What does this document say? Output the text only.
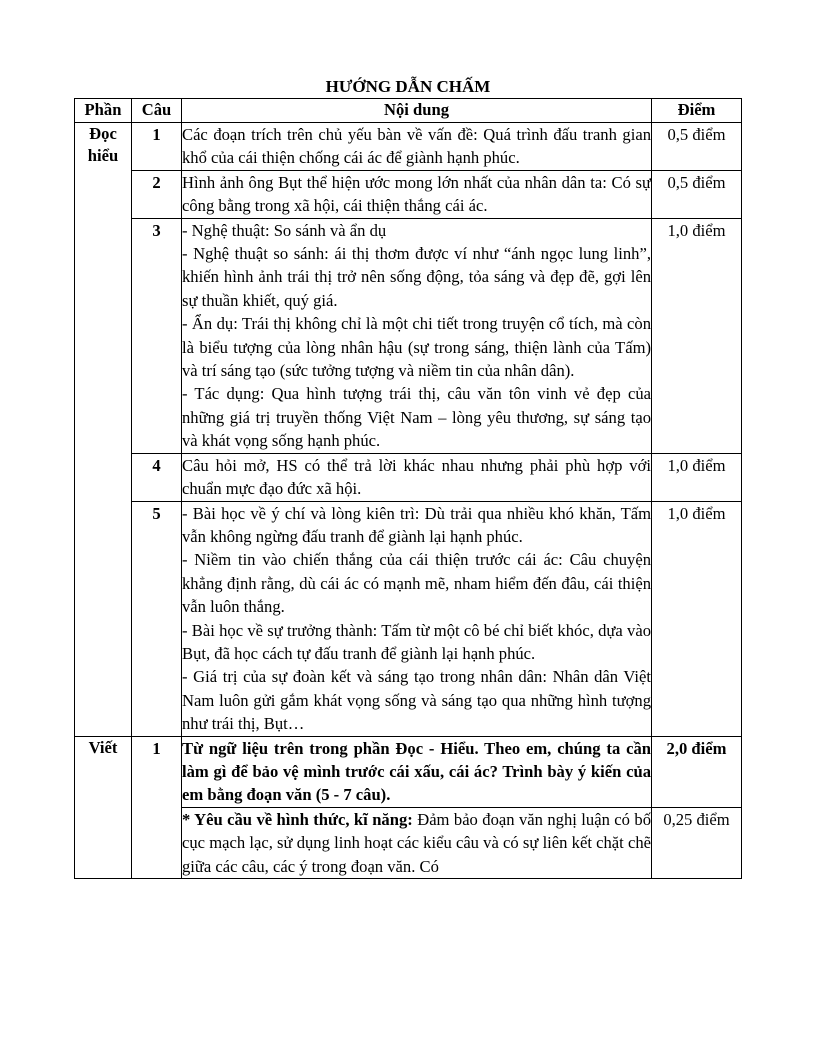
HƯỚNG DẪN CHẤM
Phần	Câu	Nội dung	Điểm
Đọc hiểu	1	Các đoạn trích trên chủ yếu bàn về vấn đề: Quá trình đấu tranh gian khổ của cái thiện chống cái ác để giành hạnh phúc.	0,5 điểm
	2	Hình ảnh ông Bụt thể hiện ước mong lớn nhất của nhân dân ta: Có sự công bằng trong xã hội, cái thiện thắng cái ác.	0,5 điểm
	3	- Nghệ thuật: So sánh và ẩn dụ
- Nghệ thuật so sánh: ái thị thơm được ví như “ánh ngọc lung linh”, khiến hình ảnh trái thị trở nên sống động, tỏa sáng và đẹp đẽ, gợi lên sự thuần khiết, quý giá.
- Ẩn dụ: Trái thị không chỉ là một chi tiết trong truyện cổ tích, mà còn là biểu tượng của lòng nhân hậu (sự trong sáng, thiện lành của Tấm) và trí sáng tạo (sức tưởng tượng và niềm tin của nhân dân).
- Tác dụng: Qua hình tượng trái thị, câu văn tôn vinh vẻ đẹp của những giá trị truyền thống Việt Nam – lòng yêu thương, sự sáng tạo và khát vọng sống hạnh phúc.	1,0 điểm
	4	Câu hỏi mở, HS có thể trả lời khác nhau nhưng phải phù hợp với chuẩn mực đạo đức xã hội.	1,0 điểm
	5	- Bài học về ý chí và lòng kiên trì: Dù trải qua nhiều khó khăn, Tấm vẫn không ngừng đấu tranh để giành lại hạnh phúc.
- Niềm tin vào chiến thắng của cái thiện trước cái ác: Câu chuyện khẳng định rằng, dù cái ác có mạnh mẽ, nham hiểm đến đâu, cái thiện vẫn luôn thắng.
- Bài học về sự trưởng thành: Tấm từ một cô bé chỉ biết khóc, dựa vào Bụt, đã học cách tự đấu tranh để giành lại hạnh phúc.
- Giá trị của sự đoàn kết và sáng tạo trong nhân dân: Nhân dân Việt Nam luôn gửi gắm khát vọng sống và sáng tạo qua những hình tượng như trái thị, Bụt…	1,0 điểm
Viết	1	Từ ngữ liệu trên trong phần Đọc - Hiểu. Theo em, chúng ta cần làm gì để bảo vệ mình trước cái xấu, cái ác? Trình bày ý kiến của em bằng đoạn văn (5 - 7 câu).	2,0 điểm
		* Yêu cầu về hình thức, kĩ năng: Đảm bảo đoạn văn nghị luận có bố cục mạch lạc, sử dụng linh hoạt các kiểu câu và có sự liên kết chặt chẽ giữa các câu, các ý trong đoạn văn. Có	0,25 điểm
